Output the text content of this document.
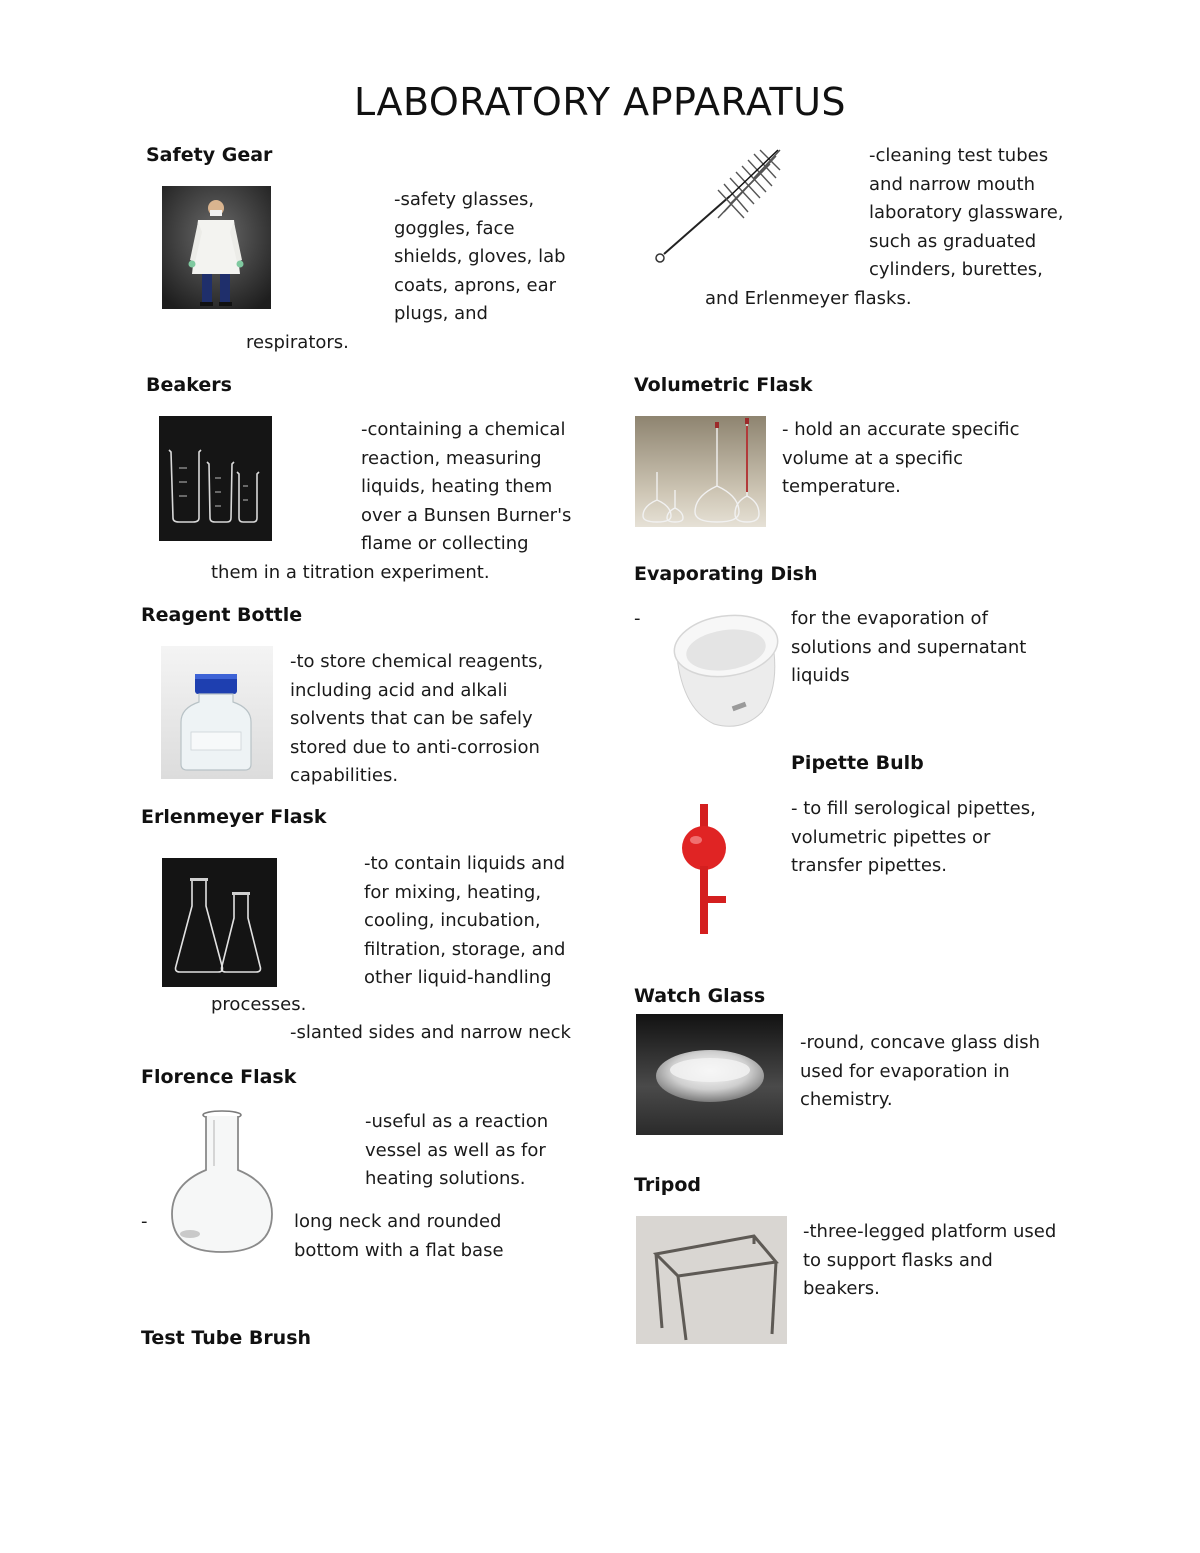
LABORATORY APPARATUS
Safety Gear

-safety glasses,
goggles, face
shields, gloves, lab
coats, aprons, ear
plugs, and

respirators.

Beakers

-containing a chemical
reaction, measuring
liquids, heating them
over a Bunsen Burner's
flame or collecting

them in a titration experiment.

Reagent Bottle

-to store chemical reagents,
including acid and alkali
solvents that can be safely
stored due to anti-corrosion
capabilities.

Erlenmeyer Flask

-to contain liquids and
for mixing, heating,
cooling, incubation,
filtration, storage, and
other liquid-handling

processes.

-slanted sides and narrow neck

Florence Flask

-useful as a reaction
vessel as well as for
heating solutions.

-	long neck and rounded
bottom with a flat base

Test Tube Brush

-cleaning test tubes
and narrow mouth
laboratory glassware,
such as graduated
cylinders, burettes,

and Erlenmeyer flasks.

Volumetric Flask

- hold an accurate specific
volume at a specific
temperature.

Evaporating Dish

-	for the evaporation of
solutions and supernatant
liquids

Pipette Bulb

- to fill serological pipettes,
volumetric pipettes or
transfer pipettes.

Watch Glass

-round, concave glass dish
used for evaporation in
chemistry.

Tripod

-three-legged platform used
to support flasks and
beakers.
